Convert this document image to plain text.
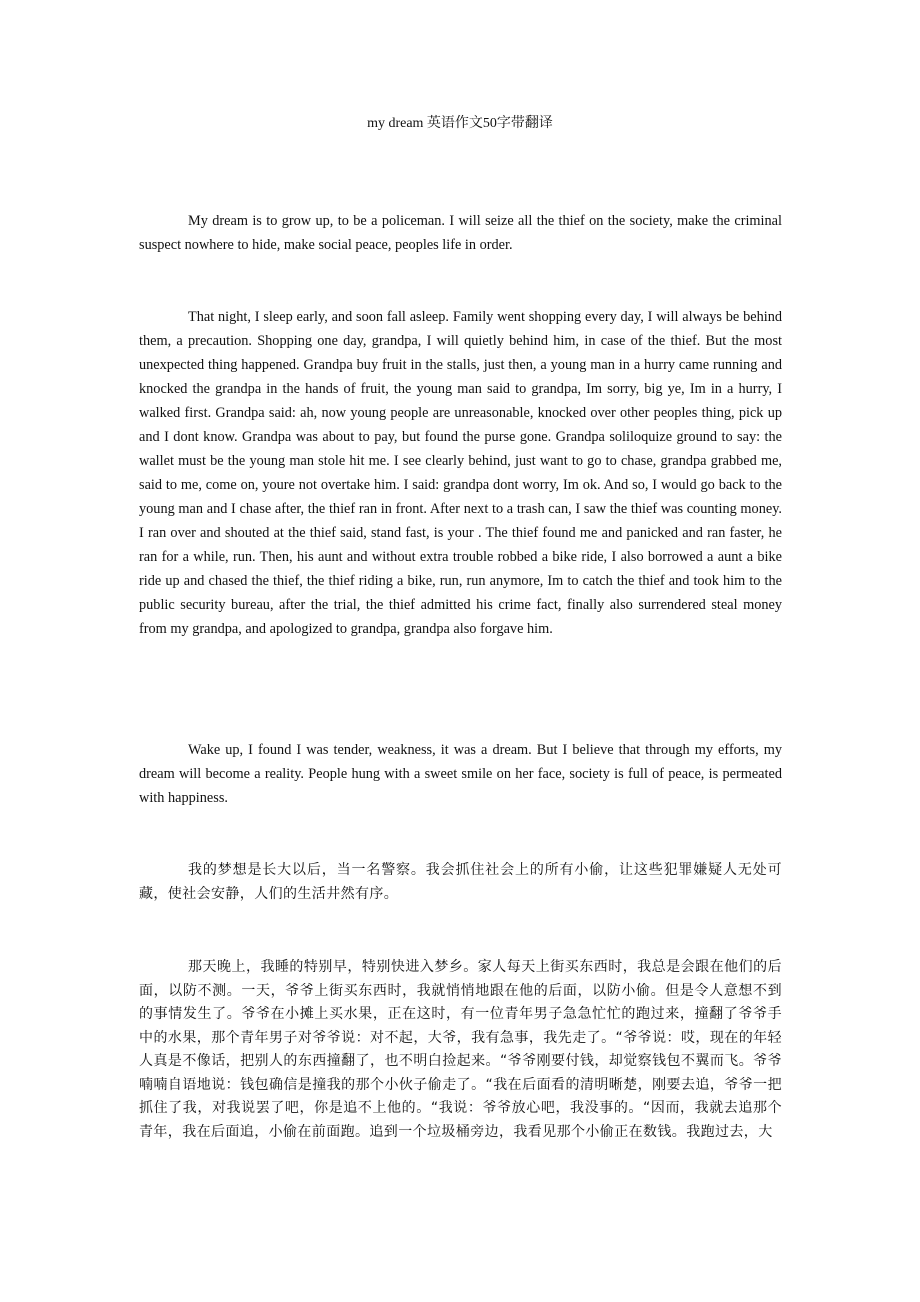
my dream 英语作文50字带翻译

My dream is to grow up, to be a policeman. I will seize all the thief on the society, make the criminal suspect nowhere to hide, make social peace, peoples life in order.

That night, I sleep early, and soon fall asleep. Family went shopping every day, I will always be behind them, a precaution. Shopping one day, grandpa, I will quietly behind him, in case of the thief. But the most unexpected thing happened. Grandpa buy fruit in the stalls, just then, a young man in a hurry came running and knocked the grandpa in the hands of fruit, the young man said to grandpa, Im sorry, big ye, Im in a hurry, I walked first. Grandpa said: ah, now young people are unreasonable, knocked over other peoples thing, pick up and I dont know. Grandpa was about to pay, but found the purse gone. Grandpa soliloquize ground to say: the wallet must be the young man stole hit me. I see clearly behind, just want to go to chase, grandpa grabbed me, said to me, come on, youre not overtake him. I said: grandpa dont worry, Im ok. And so, I would go back to the young man and I chase after, the thief ran in front. After next to a trash can, I saw the thief was counting money. I ran over and shouted at the thief said, stand fast, is your . The thief found me and panicked and ran faster, he ran for a while, run. Then, his aunt and without extra trouble robbed a bike ride, I also borrowed a aunt a bike ride up and chased the thief, the thief riding a bike, run, run anymore, Im to catch the thief and took him to the public security bureau, after the trial, the thief admitted his crime fact, finally also surrendered steal money from my grandpa, and apologized to grandpa, grandpa also forgave him.

Wake up, I found I was tender, weakness, it was a dream. But I believe that through my efforts, my dream will become a reality. People hung with a sweet smile on her face, society is full of peace, is permeated with happiness.

我的梦想是长大以后，当一名警察。我会抓住社会上的所有小偷，让这些犯罪嫌疑人无处可藏，使社会安静，人们的生活井然有序。

那天晚上，我睡的特别早，特别快进入梦乡。家人每天上街买东西时，我总是会跟在他们的后面，以防不测。一天，爷爷上街买东西时，我就悄悄地跟在他的后面，以防小偷。但是令人意想不到的事情发生了。爷爷在小摊上买水果，正在这时，有一位青年男子急急忙忙的跑过来，撞翻了爷爷手中的水果，那个青年男子对爷爷说：对不起，大爷，我有急事，我先走了。“爷爷说：哎，现在的年轻人真是不像话，把别人的东西撞翻了，也不明白捡起来。“爷爷刚要付钱，却觉察钱包不翼而飞。爷爷喃喃自语地说：钱包确信是撞我的那个小伙子偷走了。“我在后面看的清明晰楚，刚要去追，爷爷一把抓住了我，对我说罢了吧，你是追不上他的。“我说：爷爷放心吧，我没事的。“因而，我就去追那个青年，我在后面追，小偷在前面跑。追到一个垃圾桶旁边，我看见那个小偷正在数钱。我跑过去，大
